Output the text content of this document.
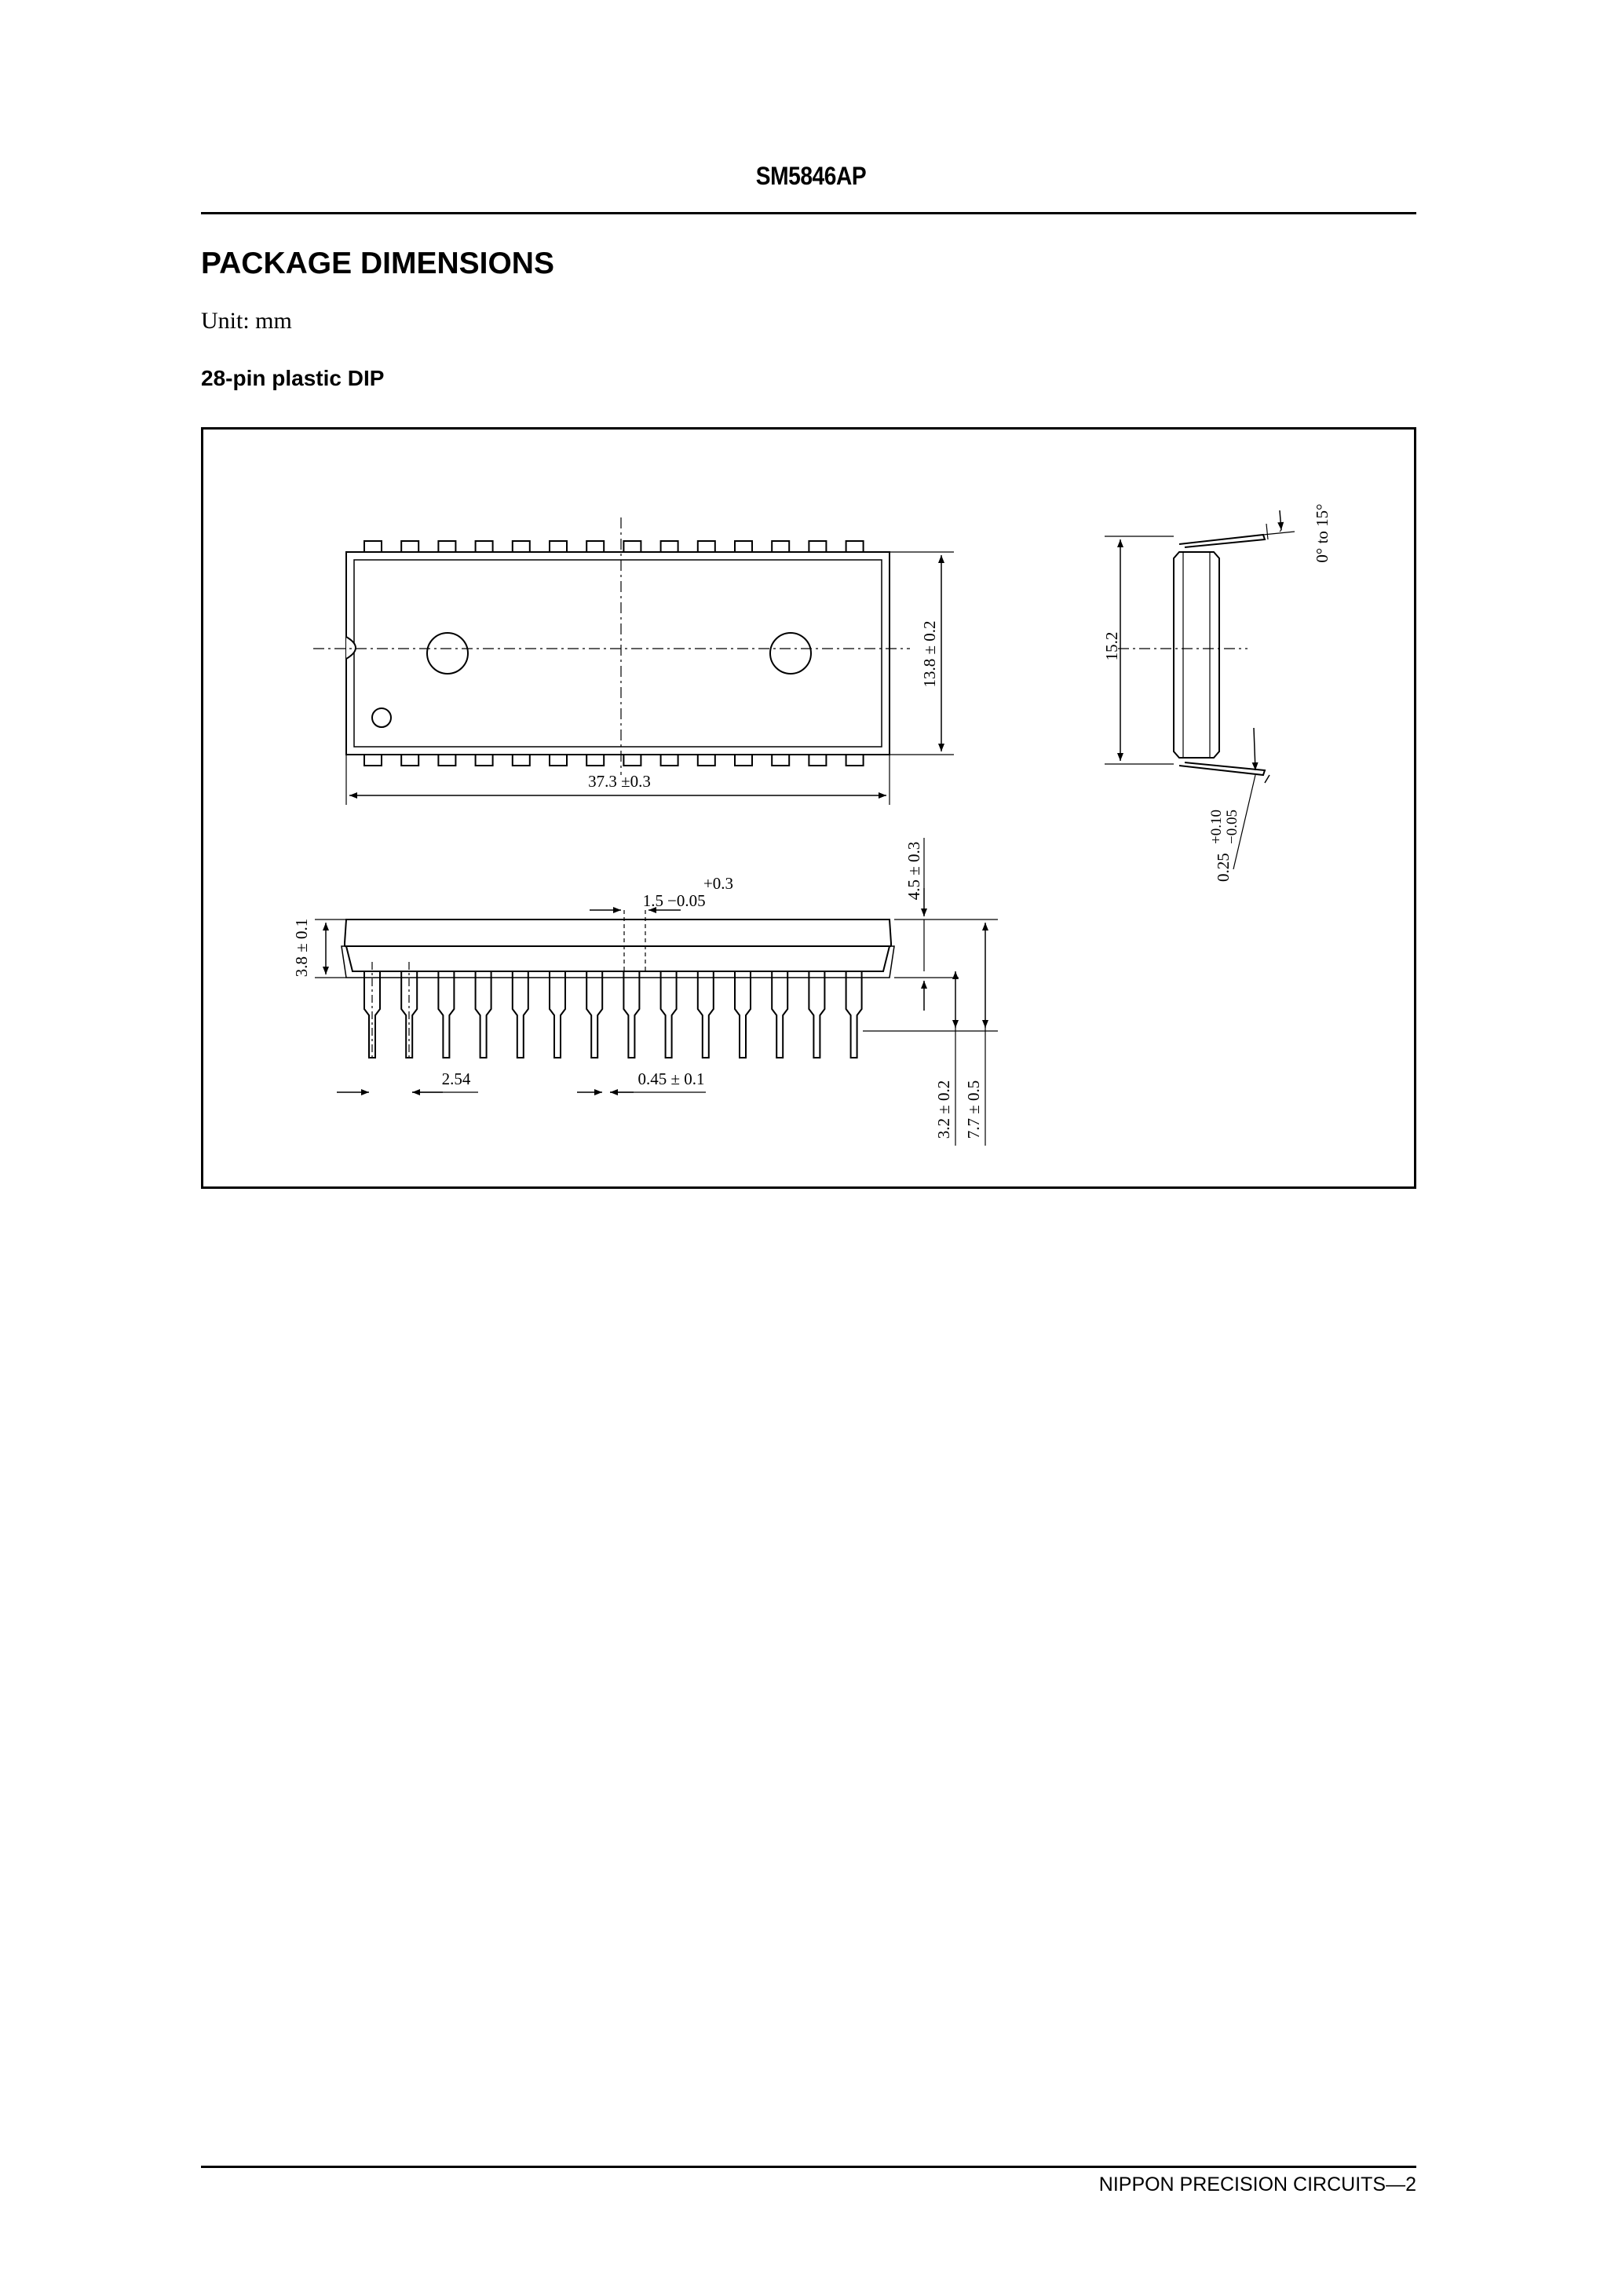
SM5846AP
PACKAGE DIMENSIONS
Unit: mm
28-pin plastic DIP
37.3 ±0.3
13.8 ± 0.2	15.2
0° to 15°
0.25
+0.10 −0.05
+0.3
1.5 −0.05
3.8 ± 0.1
4.5 ± 0.3
3.2 ± 0.2 7.7 ± 0.5
2.54	0.45 ± 0.1
NIPPON PRECISION CIRCUITS—2
